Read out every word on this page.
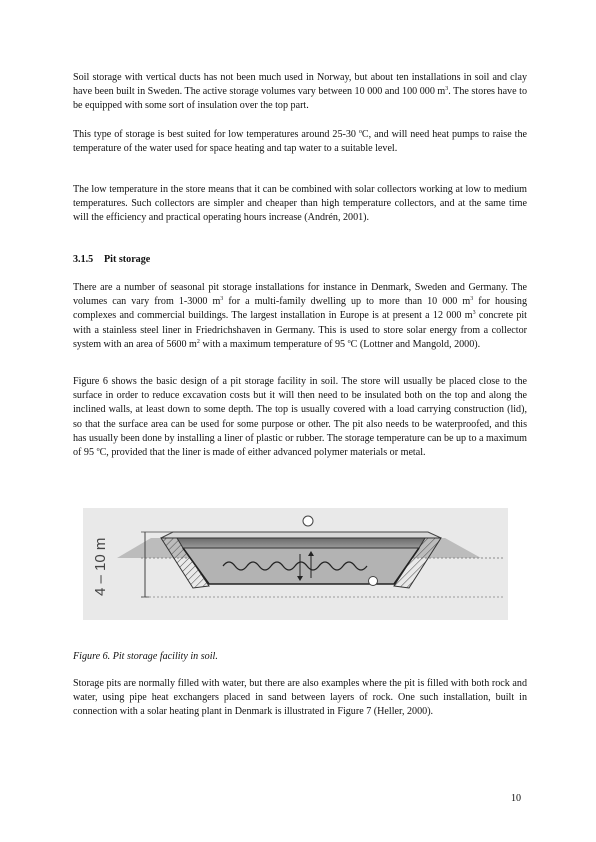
Soil storage with vertical ducts has not been much used in Norway, but about ten installations in soil and clay have been built in Sweden. The active storage volumes vary between 10 000 and 100 000 $m^3$. The stores have to be equipped with some sort of insulation over the top part.

This type of storage is best suited for low temperatures around 25-30 $^o$C, and will need heat pumps to raise the temperature of the water used for space heating and tap water to a suitable level.

The low temperature in the store means that it can be combined with solar collectors working at low to medium temperatures. Such collectors are simpler and cheaper than high temperature collectors, and at the same time will the efficiency and practical operating hours increase (Andrén, 2001).

3.1.5 Pit storage

There are a number of seasonal pit storage installations for instance in Denmark, Sweden and Germany. The volumes can vary from 1-3000 $m^3$ for a multi-family dwelling up to more than 10 000 $m^3$ for housing complexes and commercial buildings. The largest installation in Europe is at present a 12 000 $m^3$ concrete pit with a stainless steel liner in Friedrichshaven in Germany. This is used to store solar energy from a collector system with an area of 5600 $m^2$ with a maximum temperature of 95 $^o$C (Lottner and Mangold, 2000).

Figure 6 shows the basic design of a pit storage facility in soil. The store will usually be placed close to the surface in order to reduce excavation costs but it will then need to be insulated both on the top and along the inclined walls, at least down to some depth. The top is usually covered with a load carrying construction (lid), so that the surface area can be used for some purpose or other. The pit also needs to be waterproofed, and this has usually been done by installing a liner of plastic or rubber. The storage temperature can be up to a maximum of 95 $^o$C, provided that the liner is made of either advanced polymer materials or metal.

4 – 10 m

Figure 6. Pit storage facility in soil.

Storage pits are normally filled with water, but there are also examples where the pit is filled with both rock and water, using pipe heat exchangers placed in sand between layers of rock. One such installation, built in connection with a solar heating plant in Denmark is illustrated in Figure 7 (Heller, 2000).

10
